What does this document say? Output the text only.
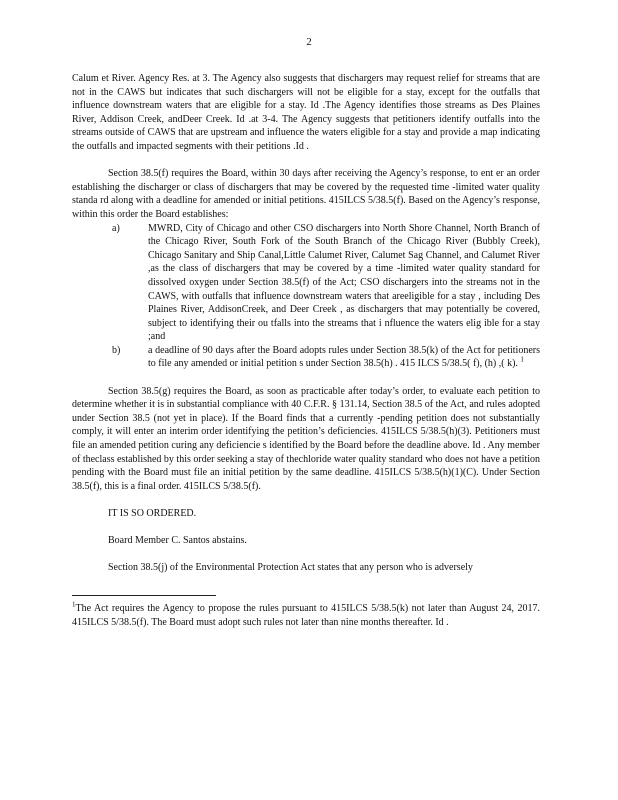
2

Calum et River. Agency Res. at 3. The Agency also suggests that dischargers may request relief for streams that are not in the CAWS but indicates that such dischargers will not be eligible for a stay, except for the outfalls that influence downstream waters that are eligible for a stay. Id .The Agency identifies those streams as Des Plaines River, Addison Creek, andDeer Creek. Id .at 3-4. The Agency suggests that petitioners identify outfalls into the streams outside of CAWS that are upstream and influence the waters eligible for a stay and provide a map indicating the outfalls and impacted segments with their petitions .Id .

Section 38.5(f) requires the Board, within 30 days after receiving the Agency’s response, to ent er an order establishing the discharger or class of dischargers that may be covered by the requested time -limited water quality standa rd along with a deadline for amended or initial petitions. 415ILCS 5/38.5(f). Based on the Agency’s response, within this order the Board establishes:

a)	MWRD, City of Chicago and other CSO dischargers into North Shore Channel, North Branch of the Chicago River, South Fork of the South Branch of the Chicago River (Bubbly Creek), Chicago Sanitary and Ship Canal,Little Calumet River, Calumet Sag Channel, and Calumet River ,as the class of dischargers that may be covered by a time -limited water quality standard for dissolved oxygen under Section 38.5(f) of the Act; CSO dischargers into the streams not in the CAWS, with outfalls that influence downstream waters that areeligible for a stay , including Des Plaines River, AddisonCreek, and Deer Creek , as dischargers that may potentially be covered, subject to identifying their ou tfalls into the streams that i nfluence the waters elig ible for a stay ;and
b)	a deadline of 90 days after the Board adopts rules under Section 38.5(k) of the Act for petitioners to file any amended or initial petition s under Section 38.5(h) . 415 ILCS 5/38.5( f), (h) ,( k). $^1$

Section 38.5(g) requires the Board, as soon as practicable after today’s order, to evaluate each petition to determine whether it is in substantial compliance with 40 C.F.R. § 131.14, Section 38.5 of the Act, and rules adopted under Section 38.5 (not yet in place). If the Board finds that a currently -pending petition does not substantially comply, it will enter an interim order identifying the petition’s deficiencies. 415ILCS 5/38.5(h)(3). Petitioners must file an amended petition curing any deficiencie s identified by the Board before the deadline above. Id . Any member of theclass established by this order seeking a stay of thechloride water quality standard who does not have a petition pending with the Board must file an initial petition by the same deadline. 415ILCS 5/38.5(h)(1)(C). Under Section 38.5(f), this is a final order. 415ILCS 5/38.5(f).

IT IS SO ORDERED.
Board Member C. Santos abstains.

Section 38.5(j) of the Environmental Protection Act states that any person who is adversely

$^1$The Act requires the Agency to propose the rules pursuant to 415ILCS 5/38.5(k) not later than August 24, 2017. 415ILCS 5/38.5(f). The Board must adopt such rules not later than nine months thereafter. Id .
